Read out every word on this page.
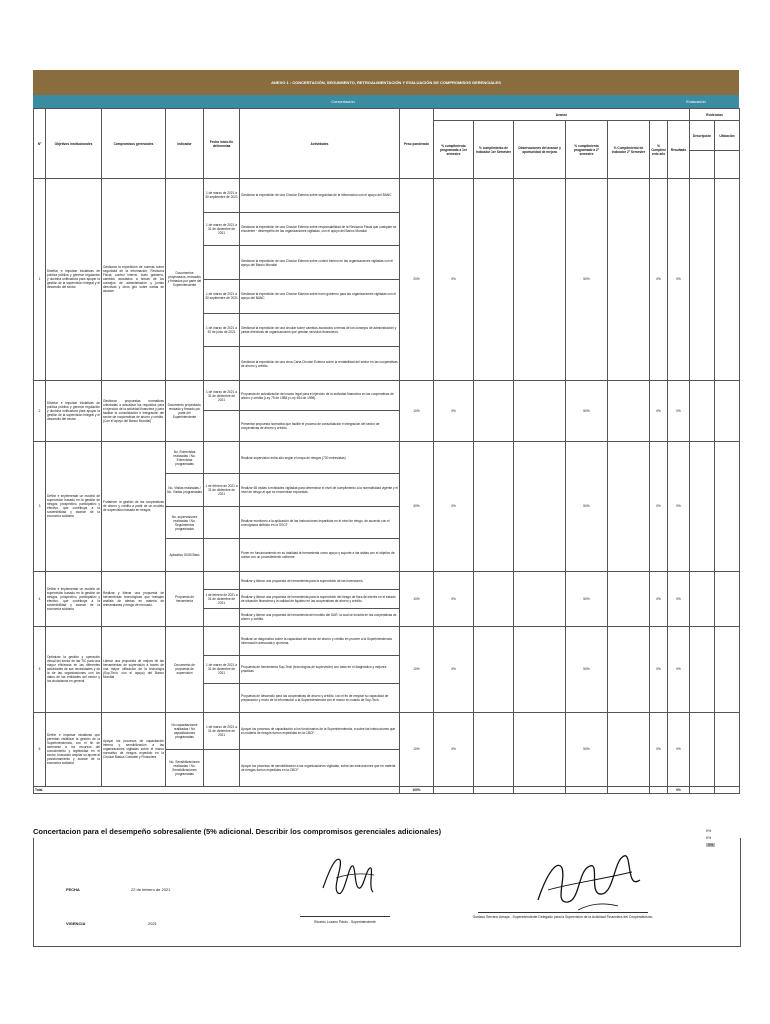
ANEXO 1 : CONCERTACIÓN, SEGUIMIENTO, RETROALIMENTACIÓN Y EVALUACIÓN DE COMPROMISOS GERENCIALES
Concertación	Evaluación
N°	Objetivos institucionales	Compromisos gerenciales	Indicador	Fecha inicio-fin del/nmm/aa	Actividades	Peso ponderado	Avance							Evidencias	
							% cumplimiento programado a 1er semestre	% cumplimiento de indicador 1er Semestre	Observaciones del avance y oportunidad de mejora	% cumplimiento programado a 2° semestre	% Cumplimiento de indicador 2° Semestre	% Cumplimiento año	Resultado	Descripción	Ubicación

1	Diseñar e impulsar iniciativas de política pública y generar regulación y doctrina unificadora para apoyar la gestión de la supervisión integral y el desarrollo del sector.	Gestionar la expedición de normas sobre seguridad de la información, Revisoría Fiscal, control interno, buen gobierno, cambios asociados a temas de los consejos de administración y juntas directivas y otros giro sobre cartas de alcance	Documentos proyectados, revisados y firmados por parte del Superintendente	1 de marzo de 2021 a 30 septiembre de 2021	Gestionar la expedición de una Circular Externa sobre seguridad de la información con el apoyo del BANC	20%	0%			50%		0%	0%		
				1 de marzo de 2021 a 31 de diciembre de 2021	Gestionar la expedición de una Circular Externa sobre responsabilidad de la Revisoría Fiscal que cualquier se encuentre · desempeño de las organizaciones vigiladas, con el apoyo del Banco Mundial										
					Gestionar la expedición de una Circular Externa sobre control interno en las organizaciones vigiladas con el apoyo del Banco Mundial										
				1 de marzo de 2021 a 30 septiembre de 2021	Gestionar la expedición de una Circular Externa sobre buen gobierno para las organizaciones vigiladas con el apoyo del BANC										
				1 de marzo de 2021 a 30 de junio de 2021	Gestionar la expedición de una circular sobre cambios asociados a temas de los consejos de administración y juntas directivas de organizaciones que prestan servicios financieros.										
					Gestionar la expedición de una circa Carta Circular Externa sobre la rentabilidad del sector en las cooperativas de ahorro y crédito.										
2	Diseñar e impulsar iniciativas de política pública y generar regulación y doctrina unificadora para apoyar la gestión de la supervisión integral y el desarrollo del sector.	Gestionar propuestas normativas orientadas a actualizar los requisitos para el ejercicio de la actividad financiera y para facilitar la consolidación e integración del sector de cooperativas de ahorro y crédito. (Con el apoyo del Banco Mundial)	Documento proyectado, revisado y firmado por parte del Superintendente	1 de marzo de 2021 a 31 de diciembre de 2021	Propuesta de actualización del marco legal para el ejercicio de la actividad financiera en las cooperativas de ahorro y crédito (Ley 79 de 1988 y Ley 454 de 1998).	10%	0%			50%		0%	0%		
					Presentar propuesta normativa que facilite el proceso de consolidación e integración del sector de cooperativas de ahorro y crédito.										
3	Definir e implementar un modelo de supervisión basado en la gestión de riesgos, prospectivo, participativo y efectivo, que contribuya a la sostenibilidad y avance de la economía solidaria	Fortalecer la gestión de las cooperativas de ahorro y crédito a partir de un modelo de supervisión basado en riesgos	No. Entrevistas realizadas / No. Entrevistas programadas		Realizar supervisión extra-situ según el mapa de riesgos (730 entrevistas)	40%	0%			50%		0%	0%		
			No. Visitas realizadas / No. Visitas programadas	1 de febrero de 2021 a 31 de diciembre de 2021	Realizar 65 visitas a entidades vigiladas para determinar el nivel de cumplimiento a la normatividad vigente y el nivel de riesgo al que se encuentran expuestas.										
			No. supervisiones realizadas / No. Seguimientos programados		Realizar monitoreo a la aplicación de las instrucciones impartidas en el nivel de riesgo, de acuerdo con el cronograma definido en la OSCF										
			Aplicativo SIGB Basc		Poner en funcionamiento en su totalidad la herramienta como apoyo y soporte a las visitas con el objetivo de contar con un procedimiento uniforme										
4	Definir e implementar un modelo de supervisión basado en la gestión de riesgos, prospectivo, participativo y efectivo, que contribuya a la sostenibilidad y avance de la economía solidaria	Realizar y liderar una propuesta de herramientas tecnológicas que trabajen análisis de alertas en materia de reimanalanes y riesgo de mercado.	Propuesta de herramienta		Realizar y liderar una propuesta de herramienta para la supervisión de las inversiones.	10%	0%			50%		0%	0%		
				1 de febrero de 2021 a 31 de diciembre de 2021	Realizar y liderar una propuesta de herramienta para la supervisión del riesgo de flora de interés en el estado de situación financiera y la calidad de liquidez en las cooperativas de ahorro y crédito.										
					Realizar y liderar una propuesta de herramienta del modelo del SAR, la cual se incluirá en las cooperativas de ahorro y crédito.										
5	Optimizar la gestión y operación virtual del sector de las TIC para una mayor eficiencia en las diferentes actividades de sus necesidades y de la de las organizaciones con los datos de las entidades del sector y los ciudadanos en general	Liderar una propuesta de mejora de las herramientas de supervisión a través de una mayor utilización de la tecnología (Sup-Tech, con el apoyo) del Banco Mundial	Documento de propuesta de supervisión		Realizar un diagnóstico sobre la capacidad del sector de ahorro y crédito en proveer a la Superintendencia información adecuada y oportuna.	10%	0%			50%		0%	0%		
				1 de marzo de 2021 a 31 de diciembre de 2021	Propuesta de herramienta Sup-Tech (tecnologías de supervisión) con base en el diagnóstico y mejores prácticas										
					Propuesta de desarrollo para las cooperativas de ahorro y crédito, con el fin de mejorar su capacidad de preparación y envío de la información a la Superintendencia con el marco en cuanto de Sup-Tech.										
6	Definir e impulsar iniciativas que permitan visibilizar la gestión de la Superintendencia, con el fin de acercarse a los recursos del conocimiento y legitimidad en el sector, buscando ampliar su aporte al posicionamiento y avance de la economía solidaria	Apoyar los procesos de capacitación interna y sensibilización a las organizaciones vigiladas sobre el marco normativo de riesgos expedido en la Circular Básica Contable y Financiera	No capacitaciones realizadas / No capacitaciones programadas	1 de marzo de 2021 a 31 de diciembre de 2021	Apoyar los procesos de capacitación a los funcionarios de la Superintendencia, a sobre las instrucciones que en materia de riesgos fueron expedidas en la CBCF	10%	0%			50%		0%	0%		
			No. Sensibilizaciones realizadas / No. Sensibilizaciones programadas		Apoyar los procesos de sensibilización a las organizaciones vigiladas, sobre las instrucciones que en materia de riesgos fueron expedidas en la CBCF										
Total						100%							0%		
Concertacion para el desempeño sobresaliente (5% adicional. Describir los compromisos gerenciales adicionales)	0%
0%
0%
FECHA	22 de febrero de 2021
VIGENCIA	2021	Ricardo Lozano Pardo - Superintendente
Gustavo Serrano Amaya - Superintendente Delegado para la Supervisión de la Actividad Financiera del Cooperativismo
